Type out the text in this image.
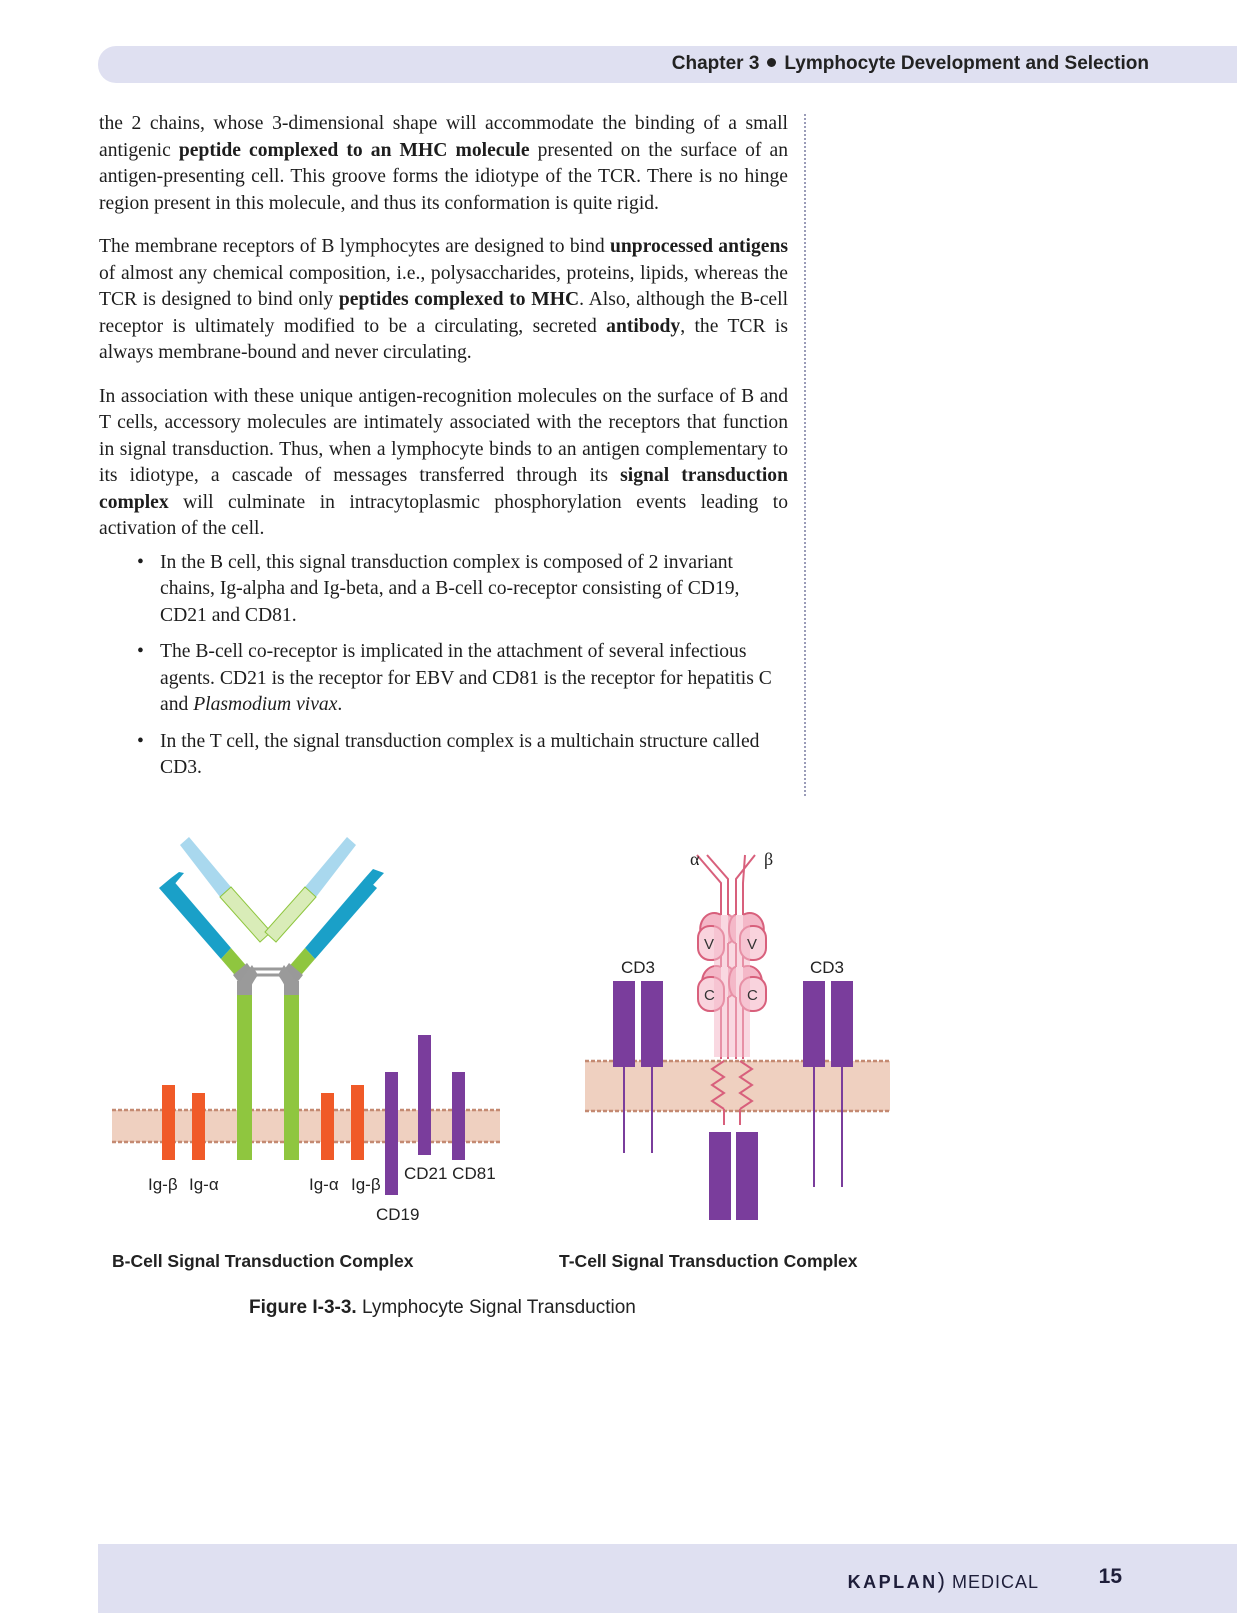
Chapter 3 Lymphocyte Development and Selection

the 2 chains, whose 3-dimensional shape will accommodate the binding of a small antigenic peptide complexed to an MHC molecule presented on the surface of an antigen-presenting cell. This groove forms the idiotype of the TCR. There is no hinge region present in this molecule, and thus its conformation is quite rigid.

The membrane receptors of B lymphocytes are designed to bind unprocessed antigens of almost any chemical composition, i.e., polysaccharides, proteins, lipids, whereas the TCR is designed to bind only peptides complexed to MHC. Also, although the B-cell receptor is ultimately modified to be a circulating, secreted antibody, the TCR is always membrane-bound and never circulating.

In association with these unique antigen-recognition molecules on the surface of B and T cells, accessory molecules are intimately associated with the receptors that function in signal transduction. Thus, when a lymphocyte binds to an antigen complementary to its idiotype, a cascade of messages transferred through its signal transduction complex will culminate in intracytoplasmic phosphorylation events leading to activation of the cell.

• In the B cell, this signal transduction complex is composed of 2 invariant chains, Ig-alpha and Ig-beta, and a B-cell co-receptor consisting of CD19, CD21 and CD81.
• The B-cell co-receptor is implicated in the attachment of several infectious agents. CD21 is the receptor for EBV and CD81 is the receptor for hepatitis C and Plasmodium vivax.
• In the T cell, the signal transduction complex is a multichain structure called CD3.
Ig-β Ig-α	Ig-α Ig-β
CD21 CD81
CD19
B-Cell Signal Transduction Complex
α	β
CD3	CD3
V V
C C
T-Cell Signal Transduction Complex
Figure I-3-3. Lymphocyte Signal Transduction
KAPLAN) MEDICAL	15
